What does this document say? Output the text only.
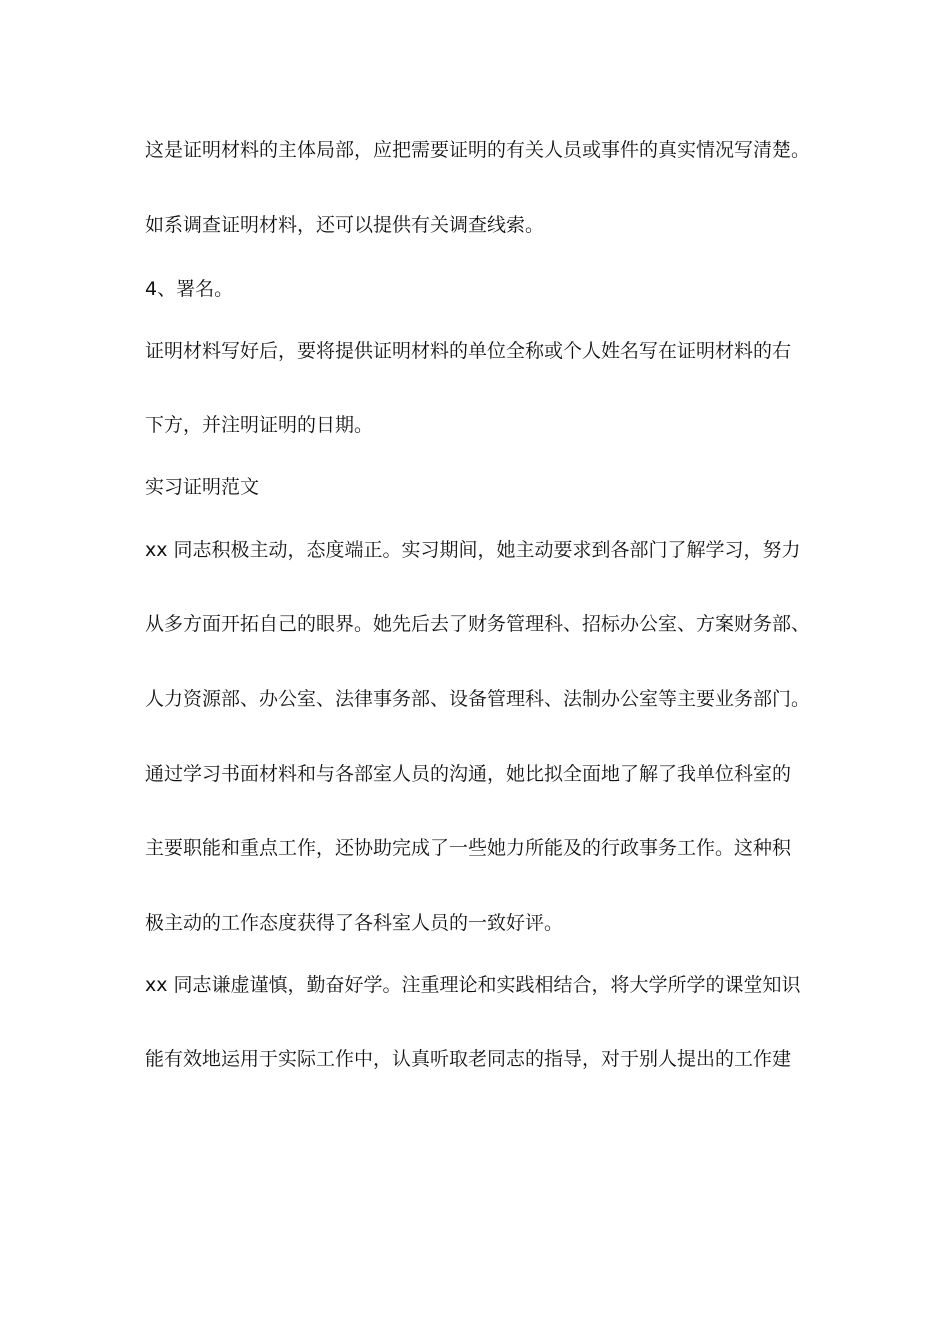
这是证明材料的主体局部，应把需要证明的有关人员或事件的真实情况写清楚。
如系调查证明材料，还可以提供有关调查线索。
4、署名。
证明材料写好后，要将提供证明材料的单位全称或个人姓名写在证明材料的右
下方，并注明证明的日期。
实习证明范文
xx 同志积极主动，态度端正。实习期间，她主动要求到各部门了解学习，努力
从多方面开拓自己的眼界。她先后去了财务管理科、招标办公室、方案财务部、
人力资源部、办公室、法律事务部、设备管理科、法制办公室等主要业务部门。
通过学习书面材料和与各部室人员的沟通，她比拟全面地了解了我单位科室的
主要职能和重点工作，还协助完成了一些她力所能及的行政事务工作。这种积
极主动的工作态度获得了各科室人员的一致好评。
xx 同志谦虚谨慎，勤奋好学。注重理论和实践相结合，将大学所学的课堂知识
能有效地运用于实际工作中，认真听取老同志的指导，对于别人提出的工作建
